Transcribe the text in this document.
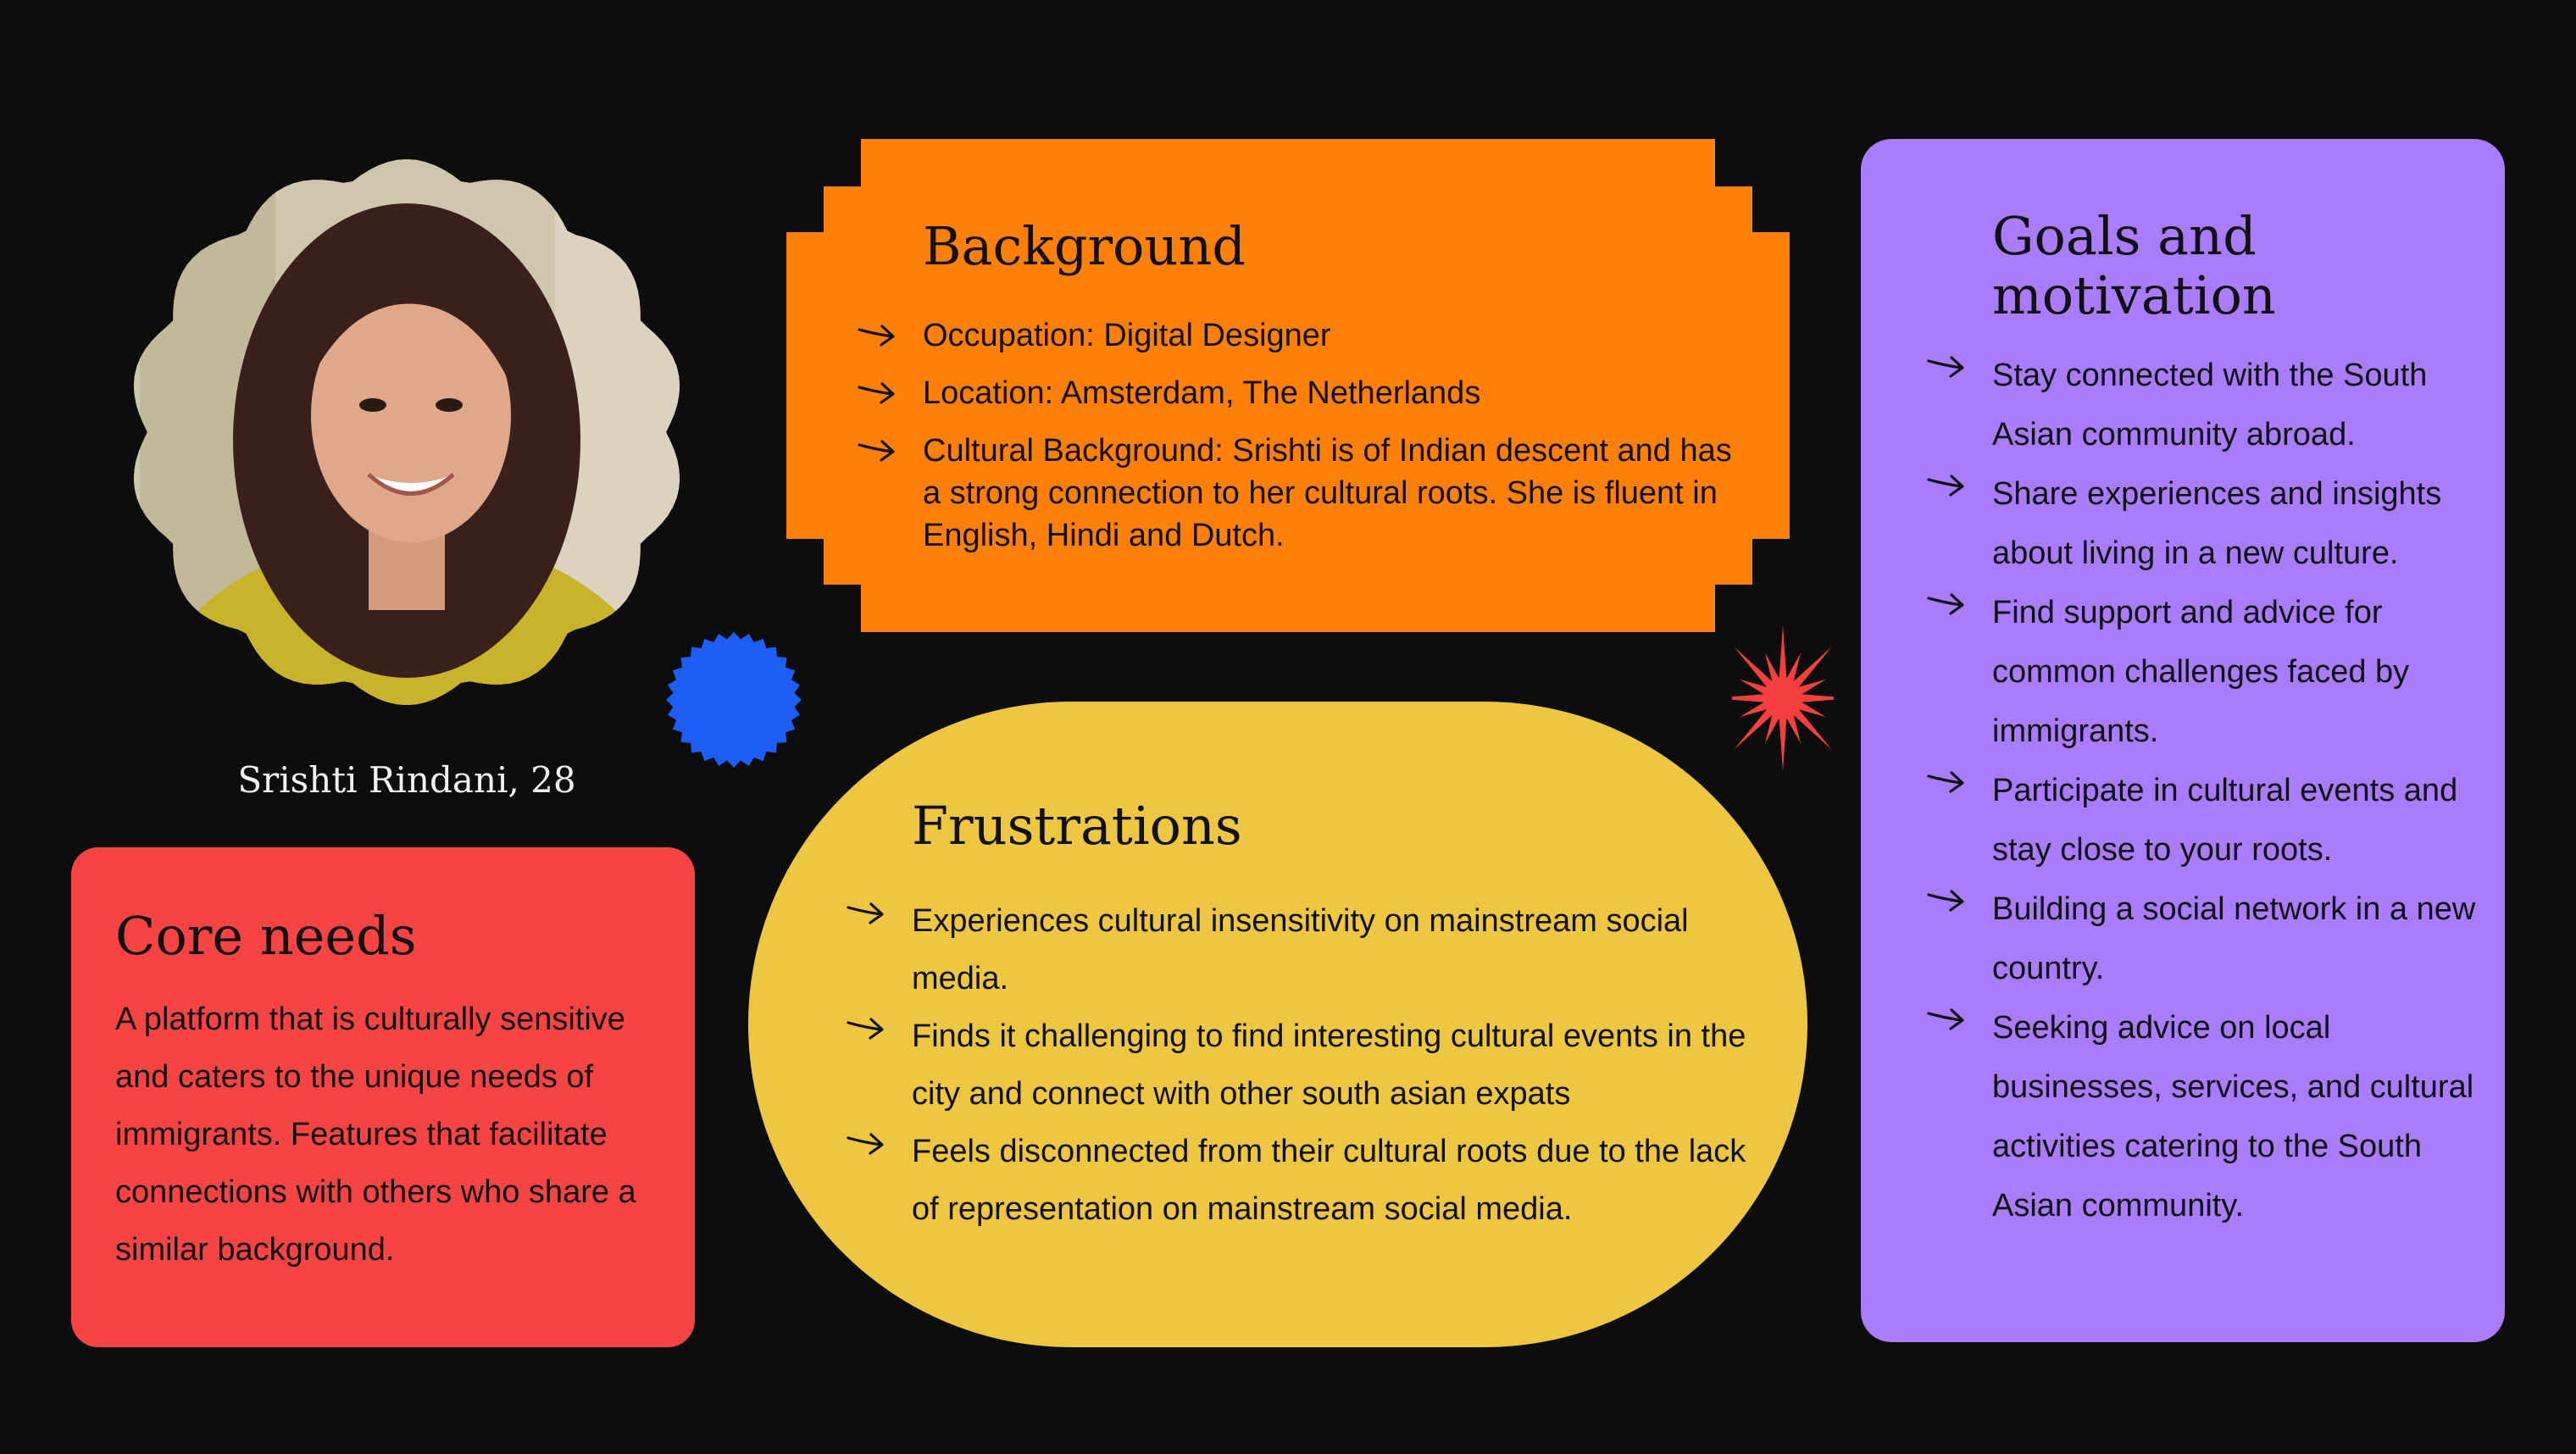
Srishti Rindani, 28
Core needs

A platform that is culturally sensitive and caters to the unique needs of immigrants. Features that facilitate connections with others who share a similar background.

Background
Occupation: Digital Designer
Location: Amsterdam, The Netherlands
Cultural Background: Srishti is of Indian descent and has a strong connection to her cultural roots. She is fluent in English, Hindi and Dutch.
Frustrations
Experiences cultural insensitivity on mainstream social media.
Finds it challenging to find interesting cultural events in the city and connect with other south asian expats
Feels disconnected from their cultural roots due to the lack of representation on mainstream social media.
Goals and motivation
Stay connected with the South Asian community abroad.
Share experiences and insights about living in a new culture.
Find support and advice for common challenges faced by immigrants.
Participate in cultural events and stay close to your roots.
Building a social network in a new country.
Seeking advice on local businesses, services, and cultural activities catering to the South Asian community.
